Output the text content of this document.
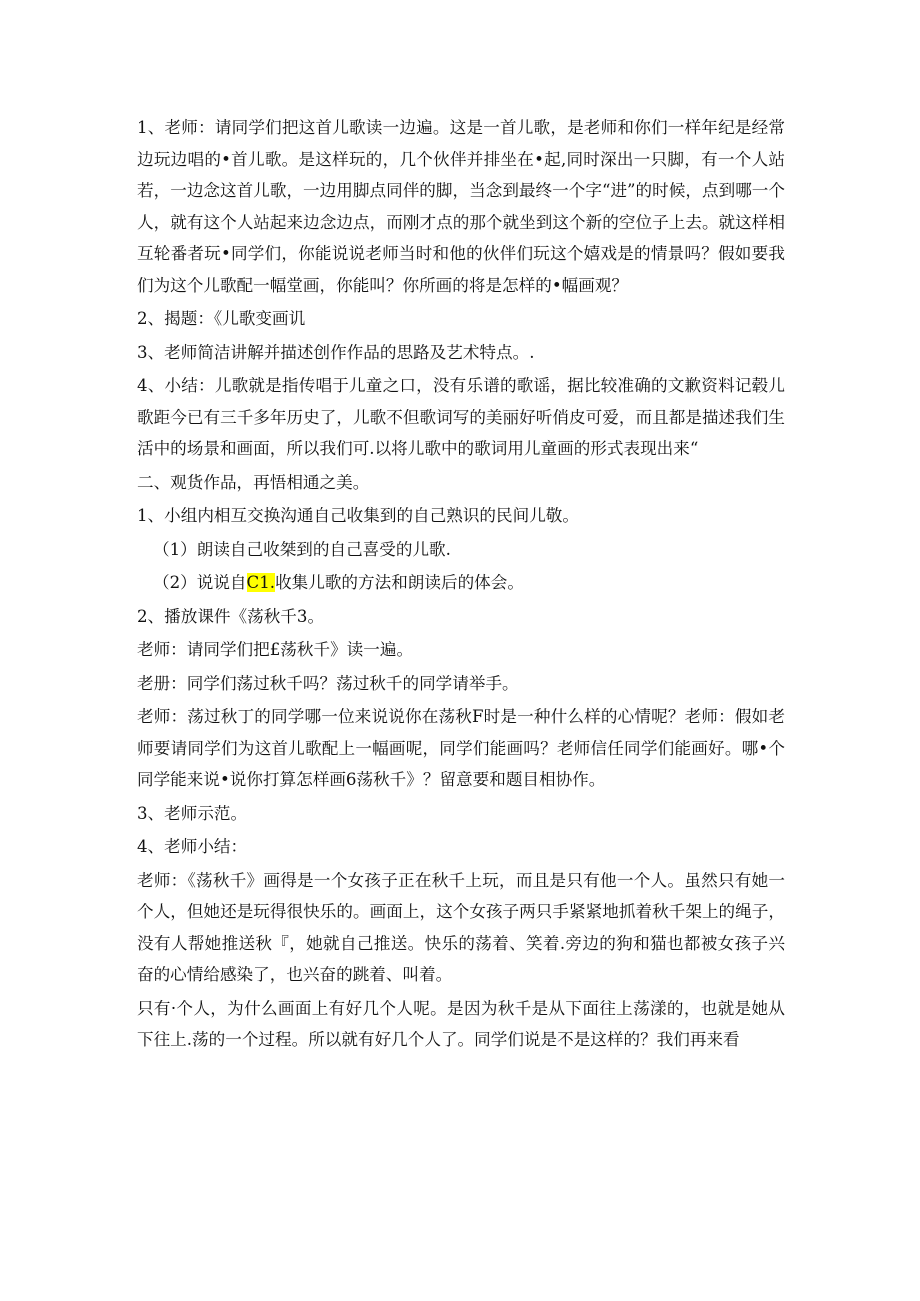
1、老师：请同学们把这首儿歌读一边遍。这是一首儿歌，是老师和你们一样年纪是经常边玩边唱的•首儿歌。是这样玩的，几个伙伴并排坐在•起,同时深出一只脚，有一个人站若，一边念这首儿歌，一边用脚点同伴的脚，当念到最终一个字“进”的时候，点到哪一个人，就有这个人站起来边念边点，而刚才点的那个就坐到这个新的空位子上去。就这样相互轮番者玩•同学们，你能说说老师当时和他的伙伴们玩这个嬉戏是的情景吗？假如要我们为这个儿歌配一幅堂画，你能叫？你所画的将是怎样的•幅画观？

2、揭题：《儿歌变画讥

3、老师简洁讲解并描述创作作品的思路及艺术特点。.

4、小结：儿歌就是指传唱于儿童之口，没有乐谱的歌谣，据比较准确的文歉资料记毂儿歌距今已有三千多年历史了，儿歌不但歌词写的美丽好听俏皮可爱，而且都是描述我们生活中的场景和画面，所以我们可.以将儿歌中的歌词用儿童画的形式表现出来“

二、观货作品，再悟相通之美。

1、小组内相互交换沟通自己收集到的自己熟识的民间儿敬。

（1）朗读自己收桀到的自己喜受的儿歌.

（2）说说自C1.收集儿歌的方法和朗读后的体会。

2、播放课件《荡秋千3。

老师：请同学们把£荡秋千》读一遍。

老册：同学们荡过秋千吗？荡过秋千的同学请举手。

老师：荡过秋丁的同学哪一位来说说你在荡秋F时是一种什么样的心情呢？老师：假如老师要请同学们为这首儿歌配上一幅画呢，同学们能画吗？老师信任同学们能画好。哪•个同学能来说•说你打算怎样画6荡秋千》？留意要和题目相协作。

3、老师示范。

4、老师小结：

老师：《荡秋千》画得是一个女孩子正在秋千上玩，而且是只有他一个人。虽然只有她一个人，但她还是玩得很快乐的。画面上，这个女孩子两只手紧紧地抓着秋千架上的绳子，没有人帮她推送秋『，她就自己推送。快乐的荡着、笑着.旁边的狗和猫也都被女孩子兴奋的心情给感染了，也兴奋的跳着、叫着。

只有·个人，为什么画面上有好几个人呢。是因为秋千是从下面往上荡漾的，也就是她从下往上.荡的一个过程。所以就有好几个人了。同学们说是不是这样的？我们再来看
